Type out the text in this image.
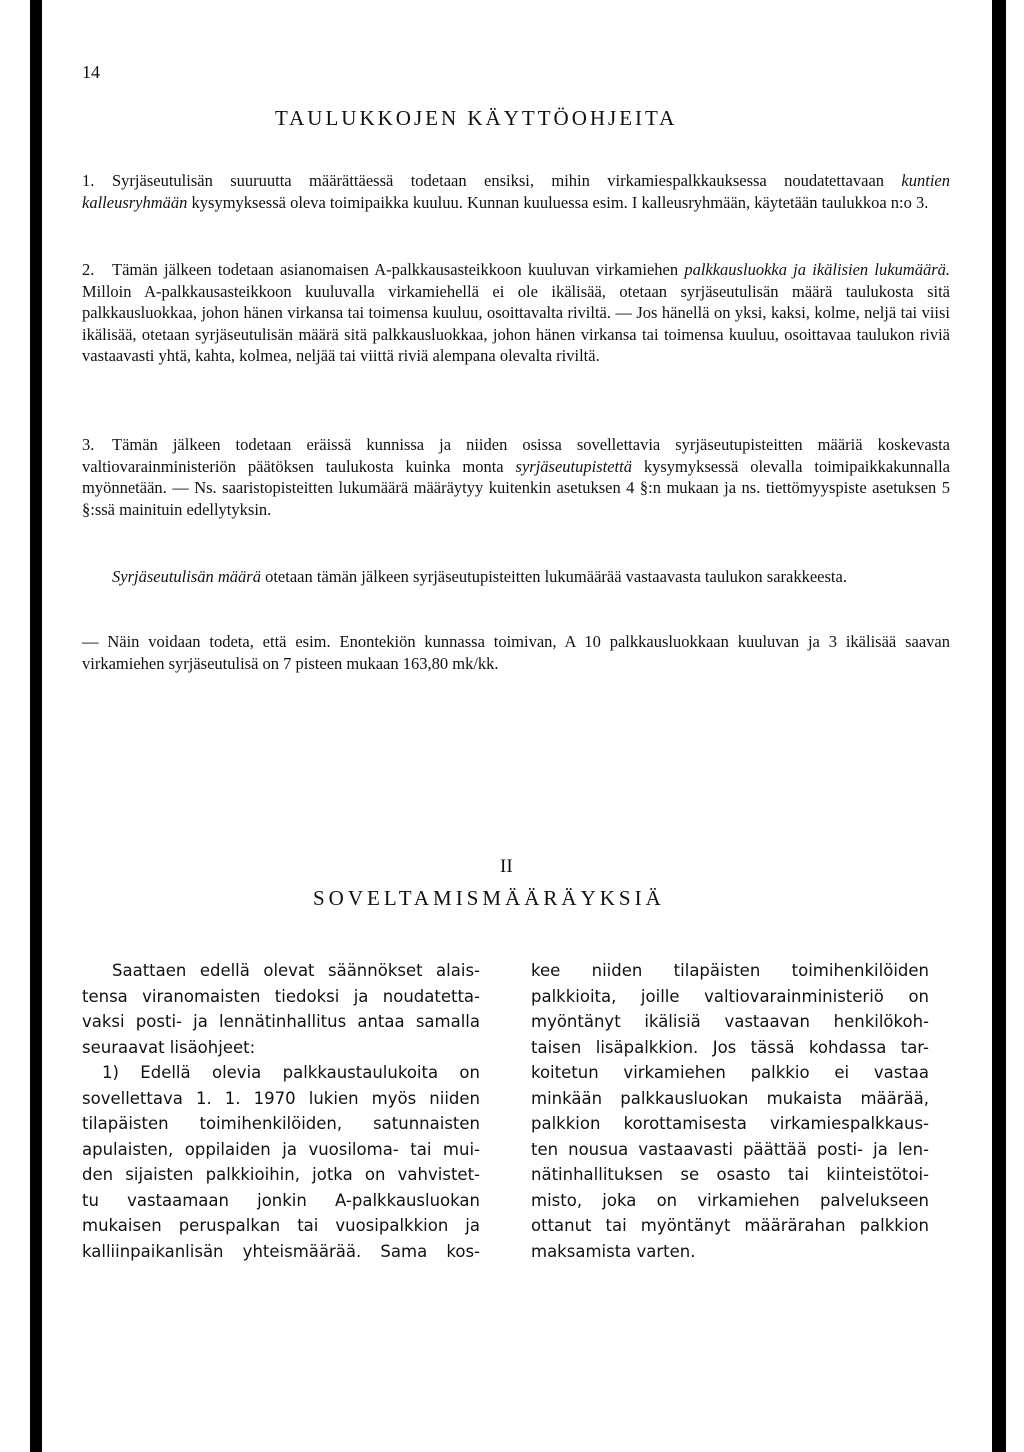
14
TAULUKKOJEN KÄYTTÖOHJEITA

1. Syrjäseutulisän suuruutta määrättäessä todetaan ensiksi, mihin virkamiespalkkauksessa noudatettavaan kuntien kalleusryhmään kysymyksessä oleva toimipaikka kuuluu. Kunnan kuuluessa esim. I kalleusryhmään, käytetään taulukkoa n:o 3.

2. Tämän jälkeen todetaan asianomaisen A-palkkausasteikkoon kuuluvan virkamiehen palkkausluokka ja ikälisien lukumäärä. Milloin A-palkkausasteikkoon kuuluvalla virkamiehellä ei ole ikälisää, otetaan syrjäseutulisän määrä taulukosta sitä palkkausluokkaa, johon hänen virkansa tai toimensa kuuluu, osoittavalta riviltä. — Jos hänellä on yksi, kaksi, kolme, neljä tai viisi ikälisää, otetaan syrjäseutulisän määrä sitä palkkausluokkaa, johon hänen virkansa tai toimensa kuuluu, osoittavaa taulukon riviä vastaavasti yhtä, kahta, kolmea, neljää tai viittä riviä alempana olevalta riviltä.

3. Tämän jälkeen todetaan eräissä kunnissa ja niiden osissa sovellettavia syrjäseutupisteitten määriä koskevasta valtiovarainministeriön päätöksen taulukosta kuinka monta syrjäseutupistettä kysymyksessä olevalla toimipaikkakunnalla myönnetään. — Ns. saaristopisteitten lukumäärä määräytyy kuitenkin asetuksen 4 §:n mukaan ja ns. tiettömyyspiste asetuksen 5 §:ssä mainituin edellytyksin.

Syrjäseutulisän määrä otetaan tämän jälkeen syrjäseutupisteitten lukumäärää vastaavasta taulukon sarakkeesta.

— Näin voidaan todeta, että esim. Enontekiön kunnassa toimivan, A 10 palkkausluokkaan kuuluvan ja 3 ikälisää saavan virkamiehen syrjäseutulisä on 7 pisteen mukaan 163,80 mk/kk.

II
SOVELTAMISMÄÄRÄYKSIÄ
Saattaen edellä olevat säännökset alais-
tensa viranomaisten tiedoksi ja noudatetta-
vaksi posti- ja lennätinhallitus antaa samalla
seuraavat lisäohjeet:
1) Edellä olevia palkkaustaulukoita on
sovellettava 1. 1. 1970 lukien myös niiden
tilapäisten toimihenkilöiden, satunnaisten
apulaisten, oppilaiden ja vuosiloma- tai mui-
den sijaisten palkkioihin, jotka on vahvistet-
tu vastaamaan jonkin A-palkkausluokan
mukaisen peruspalkan tai vuosipalkkion ja
kalliinpaikanlisän yhteismäärää. Sama kos-
kee niiden tilapäisten toimihenkilöiden
palkkioita, joille valtiovarainministeriö on
myöntänyt ikälisiä vastaavan henkilökoh-
taisen lisäpalkkion. Jos tässä kohdassa tar-
koitetun virkamiehen palkkio ei vastaa
minkään palkkausluokan mukaista määrää,
palkkion korottamisesta virkamiespalkkaus-
ten nousua vastaavasti päättää posti- ja len-
nätinhallituksen se osasto tai kiinteistötoi-
misto, joka on virkamiehen palvelukseen
ottanut tai myöntänyt määrärahan palkkion
maksamista varten.
